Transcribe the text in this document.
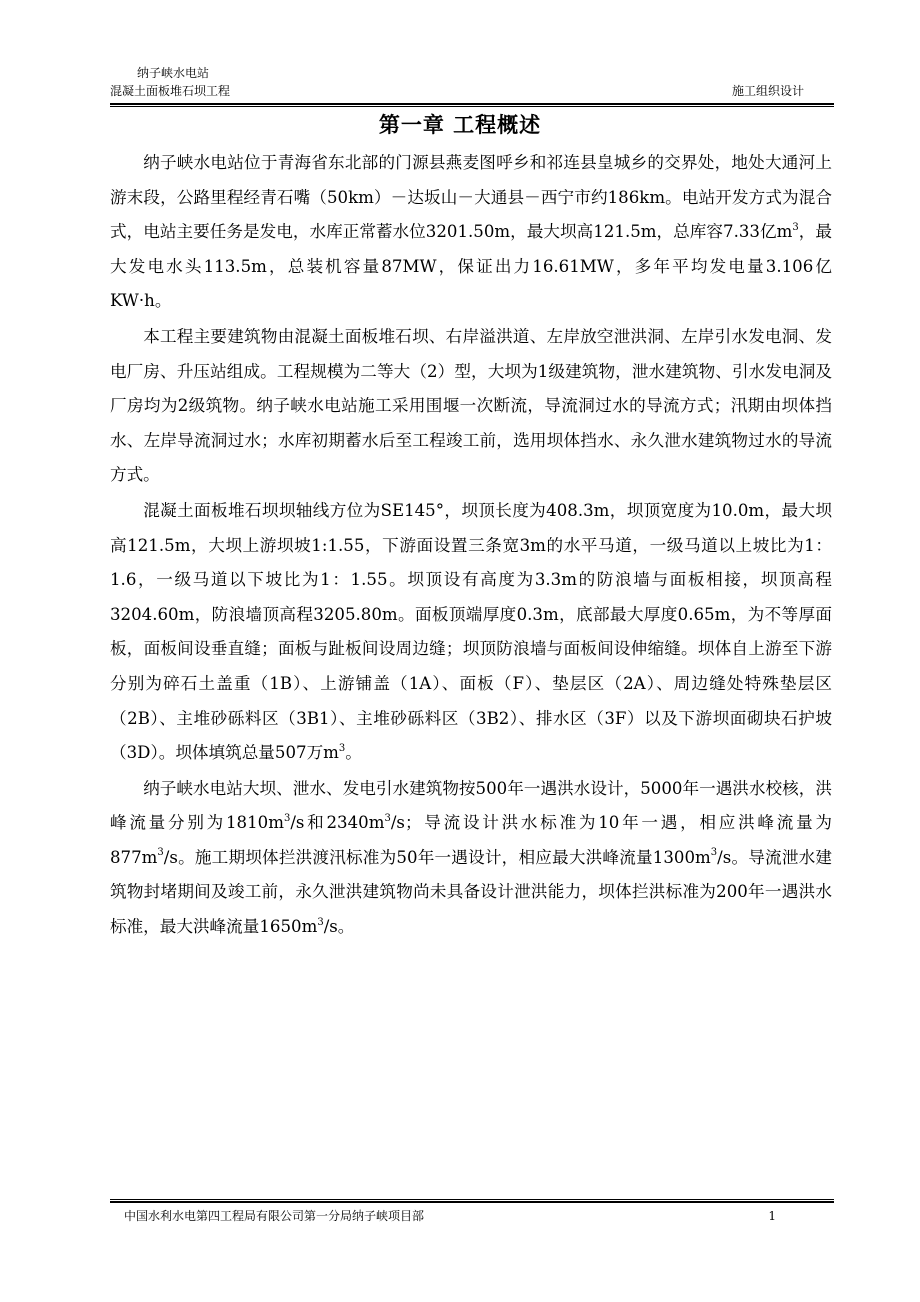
纳子峡水电站
混凝土面板堆石坝工程	施工组织设计
第一章 工程概述

纳子峡水电站位于青海省东北部的门源县燕麦图呼乡和祁连县皇城乡的交界处，地处大通河上游末段，公路里程经青石嘴（50km）－达坂山－大通县－西宁市约186km。电站开发方式为混合式，电站主要任务是发电，水库正常蓄水位3201.50m，最大坝高121.5m，总库容7.33亿$m^3$，最大发电水头113.5m，总装机容量87MW，保证出力16.61MW，多年平均发电量3.106亿KW·h。

本工程主要建筑物由混凝土面板堆石坝、右岸溢洪道、左岸放空泄洪洞、左岸引水发电洞、发电厂房、升压站组成。工程规模为二等大（2）型，大坝为1级建筑物，泄水建筑物、引水发电洞及厂房均为2级筑物。纳子峡水电站施工采用围堰一次断流，导流洞过水的导流方式；汛期由坝体挡水、左岸导流洞过水；水库初期蓄水后至工程竣工前，选用坝体挡水、永久泄水建筑物过水的导流方式。

混凝土面板堆石坝坝轴线方位为SE145°，坝顶长度为408.3m，坝顶宽度为10.0m，最大坝高121.5m，大坝上游坝坡1:1.55，下游面设置三条宽3m的水平马道，一级马道以上坡比为1：1.6，一级马道以下坡比为1：1.55。坝顶设有高度为3.3m的防浪墙与面板相接，坝顶高程3204.60m，防浪墙顶高程3205.80m。面板顶端厚度0.3m，底部最大厚度0.65m，为不等厚面板，面板间设垂直缝；面板与趾板间设周边缝；坝顶防浪墙与面板间设伸缩缝。坝体自上游至下游分别为碎石土盖重（1B）、上游铺盖（1A）、面板（F）、垫层区（2A）、周边缝处特殊垫层区（2B）、主堆砂砾料区（3B1）、主堆砂砾料区（3B2）、排水区（3F）以及下游坝面砌块石护坡（3D）。坝体填筑总量507万$m^3$。

纳子峡水电站大坝、泄水、发电引水建筑物按500年一遇洪水设计，5000年一遇洪水校核，洪峰流量分别为$1810m^3/s$和$2340m^3/s$；导流设计洪水标准为10年一遇，相应洪峰流量为$877m^3/s$。施工期坝体拦洪渡汛标准为50年一遇设计，相应最大洪峰流量$1300m^3/s$。导流泄水建筑物封堵期间及竣工前，永久泄洪建筑物尚未具备设计泄洪能力，坝体拦洪标准为200年一遇洪水标准，最大洪峰流量$1650m^3/s$。

中国水利水电第四工程局有限公司第一分局纳子峡项目部	1
